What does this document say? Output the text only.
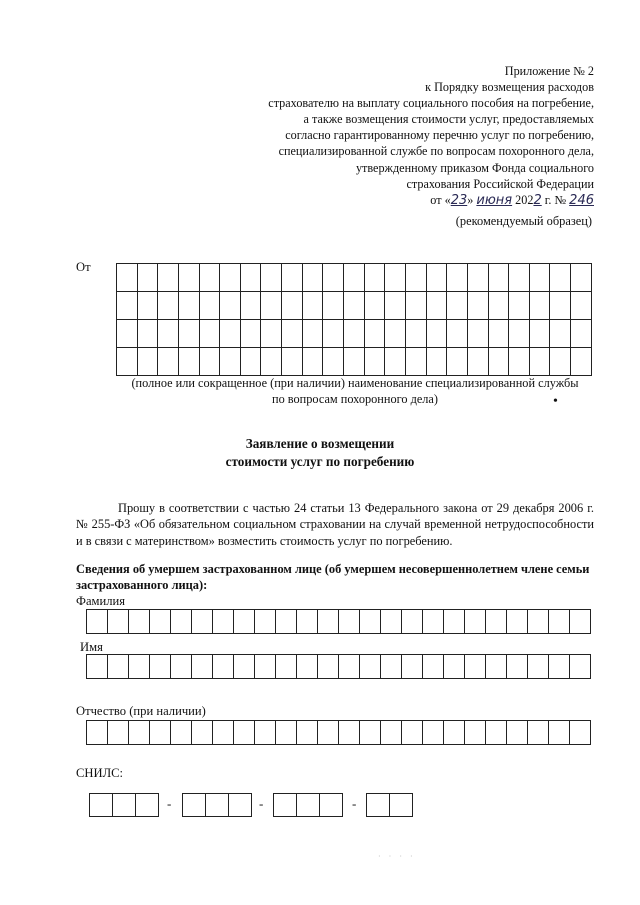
Приложение № 2
к Порядку возмещения расходов
страхователю на выплату социального пособия на погребение,
а также возмещения стоимости услуг, предоставляемых
согласно гарантированному перечню услуг по погребению,
специализированной службе по вопросам похоронного дела,
утвержденному приказом Фонда социального
страхования Российской Федерации
от «23» июня 2022 г. № 246
(рекомендуемый образец)
От

(полное или сокращенное (при наличии) наименование специализированной службы
по вопросам похоронного дела)	•
Заявление о возмещении
стоимости услуг по погребению
Прошу в соответствии с частью 24 статьи 13 Федерального закона от 29 декабря 2006 г. № 255-ФЗ «Об обязательном социальном страховании на случай временной нетрудоспособности и в связи с материнством» возместить стоимость услуг по погребению.
Сведения об умершем застрахованном лице (об умершем несовершеннолетнем члене семьи застрахованного лица):
Фамилия
Имя
Отчество (при наличии)
СНИЛС:
-	-	-
· · · ·
